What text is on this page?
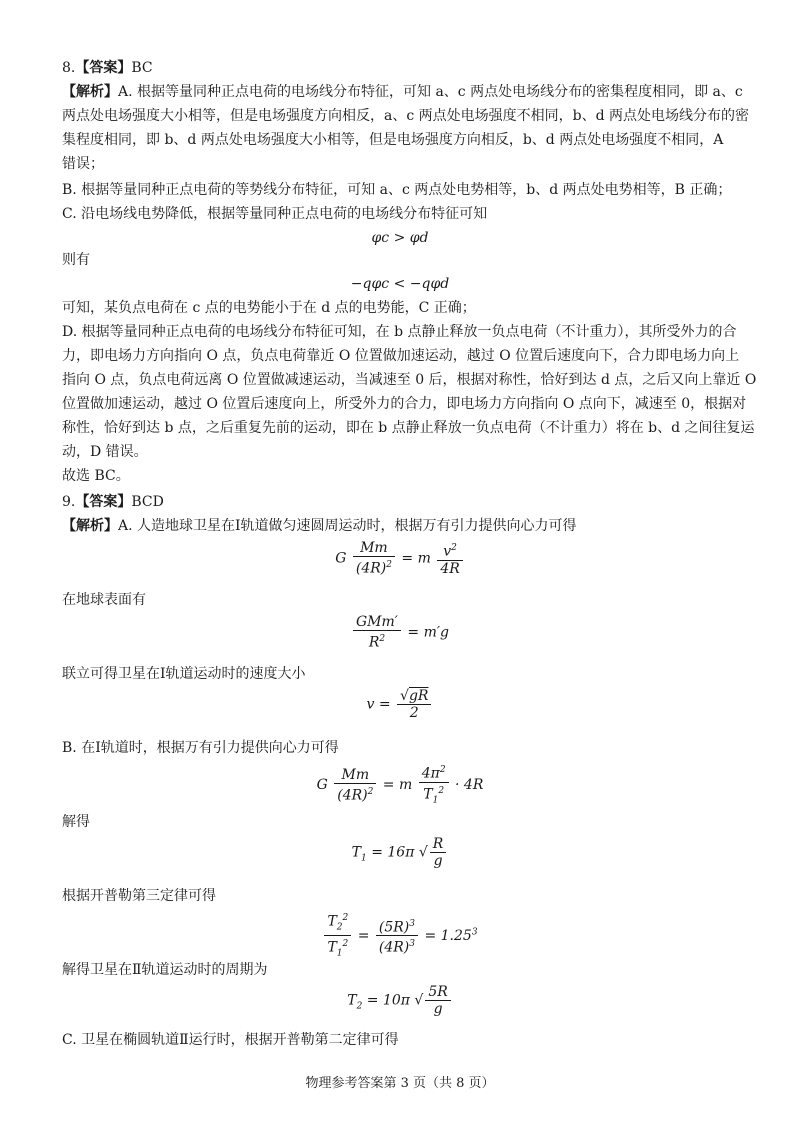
8.【答案】BC
【解析】A. 根据等量同种正点电荷的电场线分布特征，可知 a、c 两点处电场线分布的密集程度相同，即 a、c
两点处电场强度大小相等，但是电场强度方向相反，a、c 两点处电场强度不相同，b、d 两点处电场线分布的密
集程度相同，即 b、d 两点处电场强度大小相等，但是电场强度方向相反，b、d 两点处电场强度不相同，A
错误；
B. 根据等量同种正点电荷的等势线分布特征，可知 a、c 两点处电势相等，b、d 两点处电势相等，B 正确；
C. 沿电场线电势降低，根据等量同种正点电荷的电场线分布特征可知
φc > φd
则有
−qφc < −qφd
可知，某负点电荷在 c 点的电势能小于在 d 点的电势能，C 正确；
D. 根据等量同种正点电荷的电场线分布特征可知，在 b 点静止释放一负点电荷（不计重力），其所受外力的合
力，即电场力方向指向 O 点，负点电荷靠近 O 位置做加速运动，越过 O 位置后速度向下，合力即电场力向上
指向 O 点，负点电荷远离 O 位置做减速运动，当减速至 0 后，根据对称性，恰好到达 d 点，之后又向上靠近 O
位置做加速运动，越过 O 位置后速度向上，所受外力的合力，即电场力方向指向 O 点向下，减速至 0，根据对
称性，恰好到达 b 点，之后重复先前的运动，即在 b 点静止释放一负点电荷（不计重力）将在 b、d 之间往复运
动，D 错误。
故选 BC。
9.【答案】BCD
【解析】A. 人造地球卫星在Ⅰ轨道做匀速圆周运动时，根据万有引力提供向心力可得
G $\frac{Mm}{(4R)^2} = m \frac{v^2}{4R}$
在地球表面有
$\frac{\text{GMm′}}{R^2} = m'g$
联立可得卫星在Ⅰ轨道运动时的速度大小
$v = \frac{√gR}{2}$
B. 在Ⅰ轨道时，根据万有引力提供向心力可得
G $\frac{Mm}{(4R)^2} = m \frac{4\pi^2}{T_1^2} \cdot 4R$
解得
$T_1 = 16\pi$ √ $\frac{R}{g}$
根据开普勒第三定律可得
$\frac{T_2^2}{T_1^2} = \frac{(5R)^3}{(4R)^3} = 1.25^3$
解得卫星在Ⅱ轨道运动时的周期为
$T_2 = 10\pi$ √ $\frac{5R}{g}$
C. 卫星在椭圆轨道Ⅱ运行时，根据开普勒第二定律可得
物理参考答案第 3 页（共 8 页）
